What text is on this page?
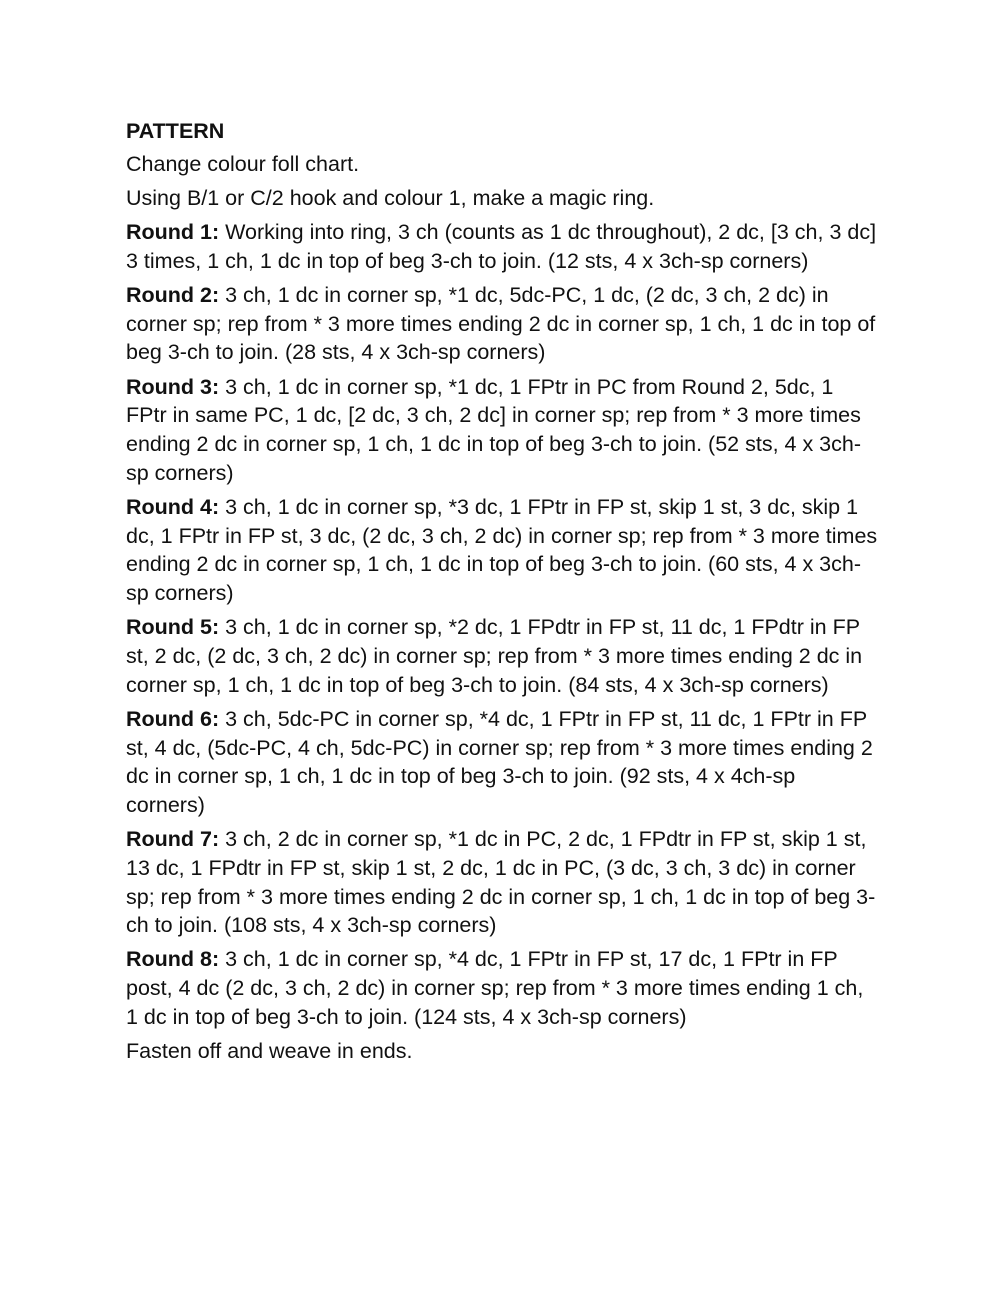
PATTERN
Change colour foll chart.
Using B/1 or C/2 hook and colour 1, make a magic ring.
Round 1: Working into ring, 3 ch (counts as 1 dc throughout), 2 dc, [3 ch, 3 dc] 3 times, 1 ch, 1 dc in top of beg 3-ch to join. (12 sts, 4 x 3ch-sp corners)
Round 2: 3 ch, 1 dc in corner sp, *1 dc, 5dc-PC, 1 dc, (2 dc, 3 ch, 2 dc) in corner sp; rep from * 3 more times ending 2 dc in corner sp, 1 ch, 1 dc in top of beg 3-ch to join. (28 sts, 4 x 3ch-sp corners)
Round 3: 3 ch, 1 dc in corner sp, *1 dc, 1 FPtr in PC from Round 2, 5dc, 1 FPtr in same PC, 1 dc, [2 dc, 3 ch, 2 dc] in corner sp; rep from * 3 more times ending 2 dc in corner sp, 1 ch, 1 dc in top of beg 3-ch to join. (52 sts, 4 x 3ch-sp corners)
Round 4: 3 ch, 1 dc in corner sp, *3 dc, 1 FPtr in FP st, skip 1 st, 3 dc, skip 1 dc, 1 FPtr in FP st, 3 dc, (2 dc, 3 ch, 2 dc) in corner sp; rep from * 3 more times ending 2 dc in corner sp, 1 ch, 1 dc in top of beg 3-ch to join. (60 sts, 4 x 3ch-sp corners)
Round 5: 3 ch, 1 dc in corner sp, *2 dc, 1 FPdtr in FP st, 11 dc, 1 FPdtr in FP st, 2 dc, (2 dc, 3 ch, 2 dc) in corner sp; rep from * 3 more times ending 2 dc in corner sp, 1 ch, 1 dc in top of beg 3-ch to join. (84 sts, 4 x 3ch-sp corners)
Round 6: 3 ch, 5dc-PC in corner sp, *4 dc, 1 FPtr in FP st, 11 dc, 1 FPtr in FP st, 4 dc, (5dc-PC, 4 ch, 5dc-PC) in corner sp; rep from * 3 more times ending 2 dc in corner sp, 1 ch, 1 dc in top of beg 3-ch to join. (92 sts, 4 x 4ch-sp corners)
Round 7: 3 ch, 2 dc in corner sp, *1 dc in PC, 2 dc, 1 FPdtr in FP st, skip 1 st, 13 dc, 1 FPdtr in FP st, skip 1 st, 2 dc, 1 dc in PC, (3 dc, 3 ch, 3 dc) in corner sp; rep from * 3 more times ending 2 dc in corner sp, 1 ch, 1 dc in top of beg 3-ch to join. (108 sts, 4 x 3ch-sp corners)
Round 8: 3 ch, 1 dc in corner sp, *4 dc, 1 FPtr in FP st, 17 dc, 1 FPtr in FP post, 4 dc (2 dc, 3 ch, 2 dc) in corner sp; rep from * 3 more times ending 1 ch, 1 dc in top of beg 3-ch to join. (124 sts, 4 x 3ch-sp corners)
Fasten off and weave in ends.
